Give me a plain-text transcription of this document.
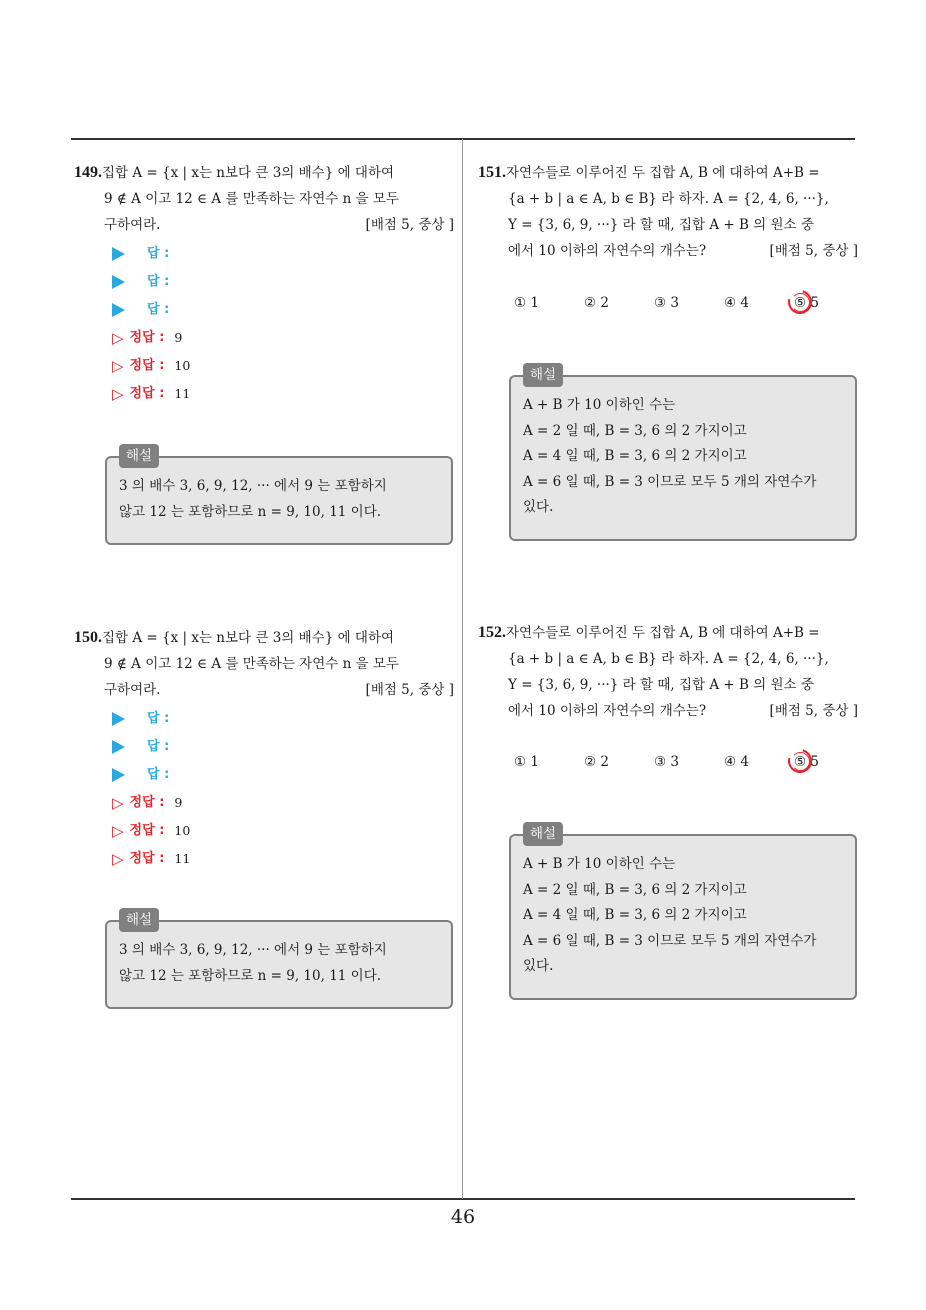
149.집합 A = {x | x는 n보다 큰 3의 배수} 에 대하여
9 ∉ A 이고 12 ∈ A 를 만족하는 자연수 n 을 모두
구하여라.	[배점 5, 중상 ]
답 :
답 :
답 :
▷ 정답 : 9
▷ 정답 : 10
▷ 정답 : 11
해설
3 의 배수 3, 6, 9, 12, ··· 에서 9 는 포함하지
않고 12 는 포함하므로 n = 9, 10, 11 이다.
150.집합 A = {x | x는 n보다 큰 3의 배수} 에 대하여
9 ∉ A 이고 12 ∈ A 를 만족하는 자연수 n 을 모두
구하여라.	[배점 5, 중상 ]
답 :
답 :
답 :
▷ 정답 : 9
▷ 정답 : 10
▷ 정답 : 11
해설
3 의 배수 3, 6, 9, 12, ··· 에서 9 는 포함하지
않고 12 는 포함하므로 n = 9, 10, 11 이다.
151.자연수들로 이루어진 두 집합 A, B 에 대하여 A+B =
{a + b | a ∈ A, b ∈ B} 라 하자. A = {2, 4, 6, ···},
Y = {3, 6, 9, ···} 라 할 때, 집합 A + B 의 원소 중
에서 10 이하의 자연수의 개수는?	[배점 5, 중상 ]
① 1	② 2	③ 3	④ 4	⑤ 5
해설
A + B 가 10 이하인 수는
A = 2 일 때, B = 3, 6 의 2 가지이고
A = 4 일 때, B = 3, 6 의 2 가지이고
A = 6 일 때, B = 3 이므로 모두 5 개의 자연수가
있다.
152.자연수들로 이루어진 두 집합 A, B 에 대하여 A+B =
{a + b | a ∈ A, b ∈ B} 라 하자. A = {2, 4, 6, ···},
Y = {3, 6, 9, ···} 라 할 때, 집합 A + B 의 원소 중
에서 10 이하의 자연수의 개수는?	[배점 5, 중상 ]
① 1	② 2	③ 3	④ 4	⑤ 5
해설
A + B 가 10 이하인 수는
A = 2 일 때, B = 3, 6 의 2 가지이고
A = 4 일 때, B = 3, 6 의 2 가지이고
A = 6 일 때, B = 3 이므로 모두 5 개의 자연수가
있다.
46
